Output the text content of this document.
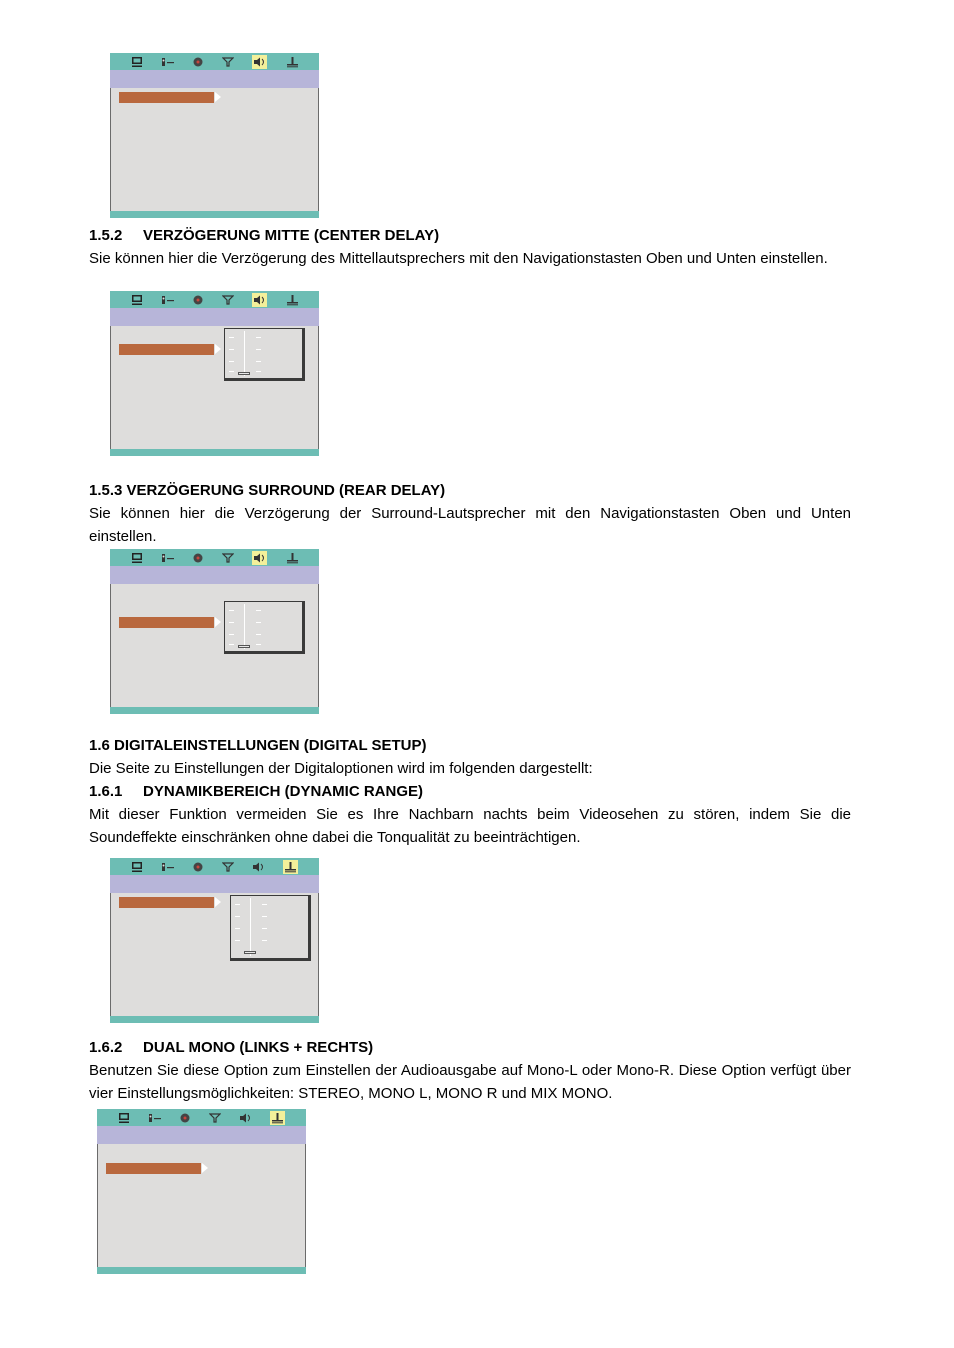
1.5.2 VERZÖGERUNG MITTE (CENTER DELAY)
Sie können hier die Verzögerung des Mittellautsprechers mit den Navigationstasten Oben und Unten einstellen.
1.5.3 VERZÖGERUNG SURROUND (REAR DELAY)
Sie können hier die Verzögerung der Surround-Lautsprecher mit den Navigationstasten Oben und Unten einstellen.
1.6 DIGITALEINSTELLUNGEN (DIGITAL SETUP)
Die Seite zu Einstellungen der Digitaloptionen wird im folgenden dargestellt:
1.6.1 DYNAMIKBEREICH (DYNAMIC RANGE)
Mit dieser Funktion vermeiden Sie es Ihre Nachbarn nachts beim Videosehen zu stören, indem Sie die Soundeffekte einschränken ohne dabei die Tonqualität zu beeinträchtigen.
1.6.2 DUAL MONO (LINKS + RECHTS)
Benutzen Sie diese Option zum Einstellen der Audioausgabe auf Mono-L oder Mono-R. Diese Option verfügt über vier Einstellungsmöglichkeiten: STEREO, MONO L, MONO R und MIX MONO.
